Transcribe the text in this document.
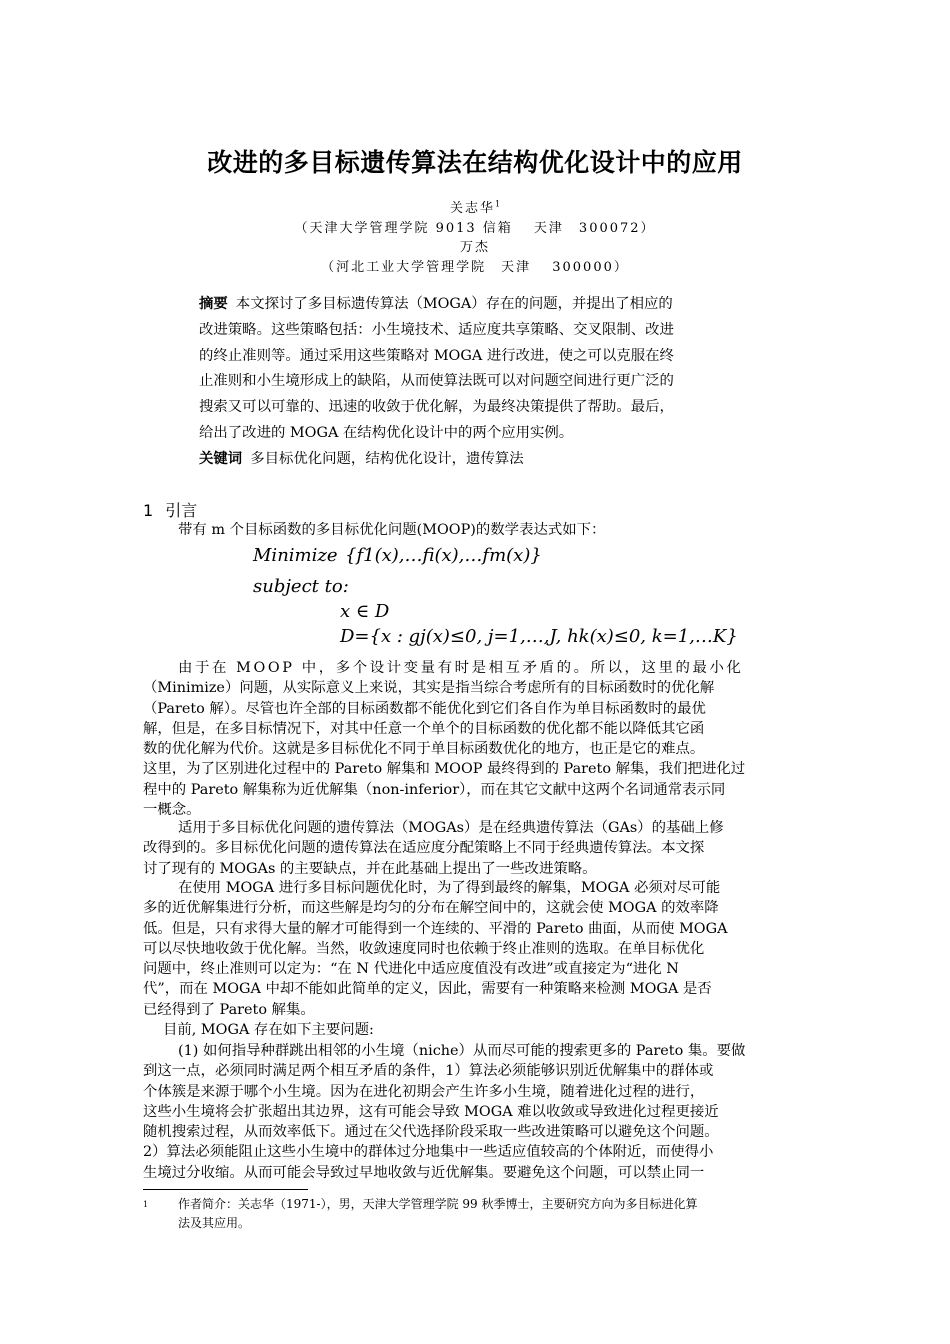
改进的多目标遗传算法在结构优化设计中的应用
关志华$^1$
（天津大学管理学院 9013 信箱　 天津　300072）
万杰
（河北工业大学管理学院　天津　 300000）
摘要 本文探讨了多目标遗传算法（MOGA）存在的问题，并提出了相应的
改进策略。这些策略包括：小生境技术、适应度共享策略、交叉限制、改进
的终止准则等。通过采用这些策略对 MOGA 进行改进，使之可以克服在终
止准则和小生境形成上的缺陷，从而使算法既可以对问题空间进行更广泛的
搜索又可以可靠的、迅速的收敛于优化解，为最终决策提供了帮助。最后，
给出了改进的 MOGA 在结构优化设计中的两个应用实例。
关键词 多目标优化问题，结构优化设计，遗传算法
1 引言
带有 m 个目标函数的多目标优化问题(MOOP)的数学表达式如下：
Minimize {f1(x),…fi(x),…fm(x)}
subject to:
x ∈ D
D={x : gj(x)≤0, j=1,…,J, hk(x)≤0, k=1,…K}
由于在 MOOP 中，多个设计变量有时是相互矛盾的。所以，这里的最小化
（Minimize）问题，从实际意义上来说，其实是指当综合考虑所有的目标函数时的优化解
（Pareto 解）。尽管也许全部的目标函数都不能优化到它们各自作为单目标函数时的最优
解，但是，在多目标情况下，对其中任意一个单个的目标函数的优化都不能以降低其它函
数的优化解为代价。这就是多目标优化不同于单目标函数优化的地方，也正是它的难点。
这里，为了区别进化过程中的 Pareto 解集和 MOOP 最终得到的 Pareto 解集，我们把进化过
程中的 Pareto 解集称为近优解集（non-inferior），而在其它文献中这两个名词通常表示同
一概念。
适用于多目标优化问题的遗传算法（MOGAs）是在经典遗传算法（GAs）的基础上修
改得到的。多目标优化问题的遗传算法在适应度分配策略上不同于经典遗传算法。本文探
讨了现有的 MOGAs 的主要缺点，并在此基础上提出了一些改进策略。
在使用 MOGA 进行多目标问题优化时，为了得到最终的解集，MOGA 必须对尽可能
多的近优解集进行分析，而这些解是均匀的分布在解空间中的，这就会使 MOGA 的效率降
低。但是，只有求得大量的解才可能得到一个连续的、平滑的 Pareto 曲面，从而使 MOGA
可以尽快地收敛于优化解。当然，收敛速度同时也依赖于终止准则的选取。在单目标优化
问题中，终止准则可以定为：“在 N 代进化中适应度值没有改进”或直接定为“进化 N
代”，而在 MOGA 中却不能如此简单的定义，因此，需要有一种策略来检测 MOGA 是否
已经得到了 Pareto 解集。
目前, MOGA 存在如下主要问题:
(1) 如何指导种群跳出相邻的小生境（niche）从而尽可能的搜索更多的 Pareto 集。要做
到这一点，必须同时满足两个相互矛盾的条件，1）算法必须能够识别近优解集中的群体或
个体簇是来源于哪个小生境。因为在进化初期会产生许多小生境，随着进化过程的进行，
这些小生境将会扩张超出其边界，这有可能会导致 MOGA 难以收敛或导致进化过程更接近
随机搜索过程，从而效率低下。通过在父代选择阶段采取一些改进策略可以避免这个问题。
2）算法必须能阻止这些小生境中的群体过分地集中一些适应值较高的个体附近，而使得小
生境过分收缩。从而可能会导致过早地收敛与近优解集。要避免这个问题，可以禁止同一
1 作者简介：关志华（1971-），男，天津大学管理学院 99 秋季博士，主要研究方向为多目标进化算
法及其应用。
